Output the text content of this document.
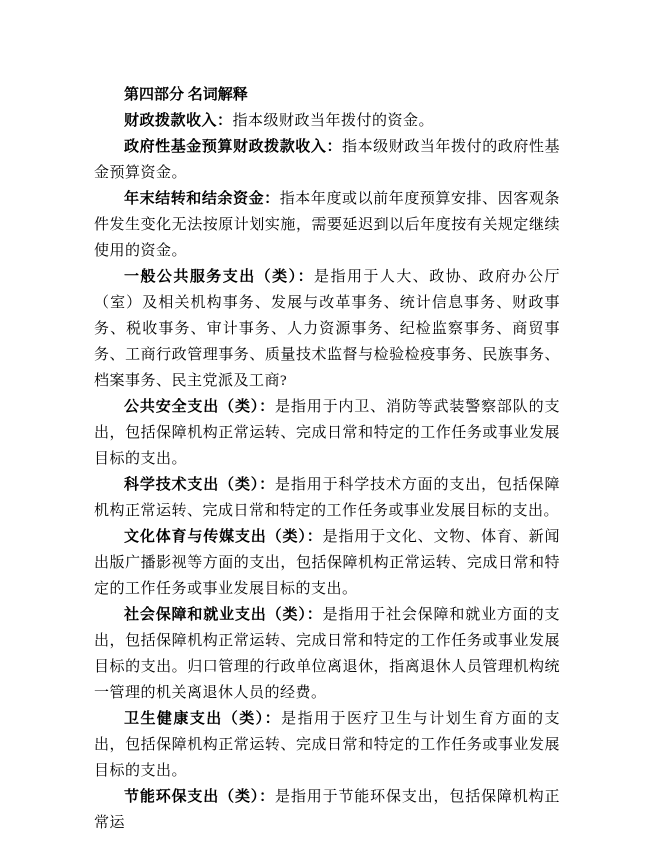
第四部分 名词解释

财政拨款收入：指本级财政当年拨付的资金。

政府性基金预算财政拨款收入：指本级财政当年拨付的政府性基金预算资金。

年末结转和结余资金：指本年度或以前年度预算安排、因客观条件发生变化无法按原计划实施，需要延迟到以后年度按有关规定继续使用的资金。

一般公共服务支出（类）：是指用于人大、政协、政府办公厅（室）及相关机构事务、发展与改革事务、统计信息事务、财政事务、税收事务、审计事务、人力资源事务、纪检监察事务、商贸事务、工商行政管理事务、质量技术监督与检验检疫事务、民族事务、档案事务、民主党派及工商?

公共安全支出（类）：是指用于内卫、消防等武装警察部队的支出，包括保障机构正常运转、完成日常和特定的工作任务或事业发展目标的支出。

科学技术支出（类）：是指用于科学技术方面的支出，包括保障机构正常运转、完成日常和特定的工作任务或事业发展目标的支出。

文化体育与传媒支出（类）：是指用于文化、文物、体育、新闻出版广播影视等方面的支出，包括保障机构正常运转、完成日常和特定的工作任务或事业发展目标的支出。

社会保障和就业支出（类）：是指用于社会保障和就业方面的支出，包括保障机构正常运转、完成日常和特定的工作任务或事业发展目标的支出。归口管理的行政单位离退休，指离退休人员管理机构统一管理的机关离退休人员的经费。

卫生健康支出（类）：是指用于医疗卫生与计划生育方面的支出，包括保障机构正常运转、完成日常和特定的工作任务或事业发展目标的支出。

节能环保支出（类）：是指用于节能环保支出，包括保障机构正常运
